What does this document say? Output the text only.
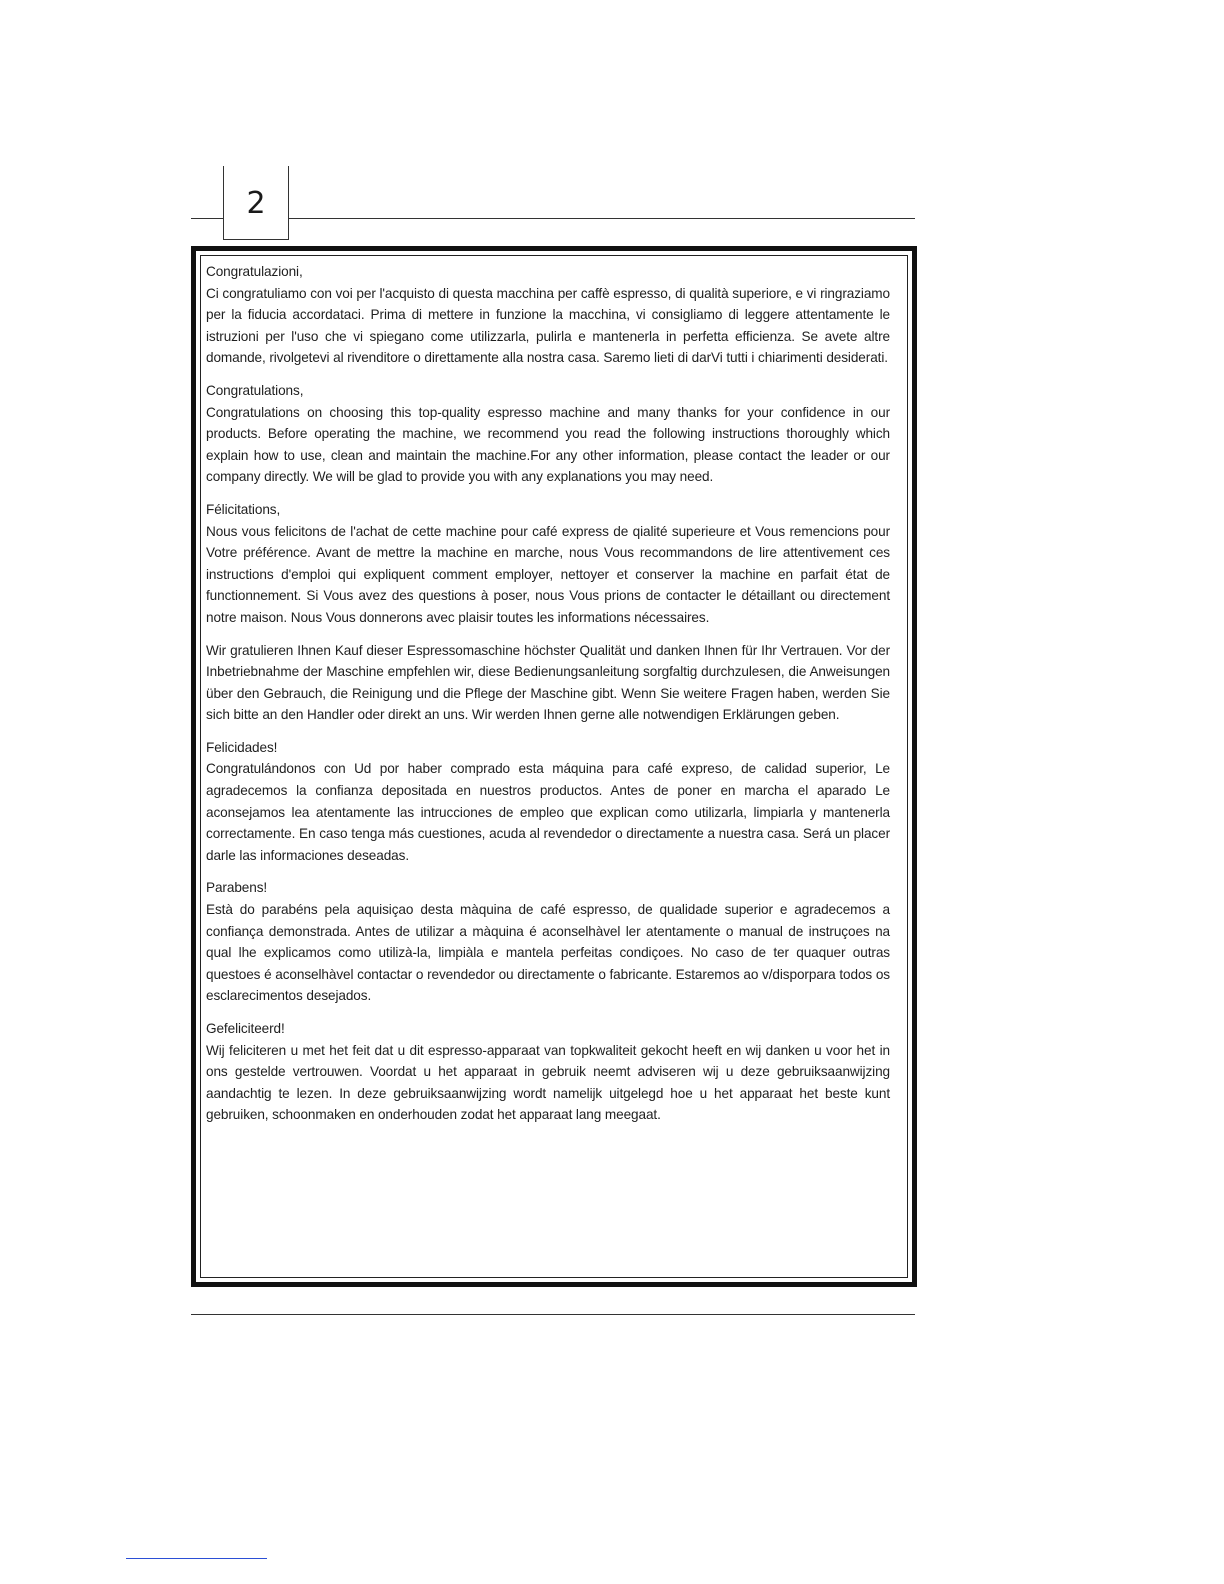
2

Congratulazioni,
Ci congratuliamo con voi per l'acquisto di questa macchina per caffè espresso, di qualità superiore, e vi ringraziamo per la fiducia accordataci. Prima di mettere in funzione la macchina, vi consigliamo di leggere attentamente le istruzioni per l'uso che vi spiegano come utilizzarla, pulirla e mantenerla in perfetta efficienza. Se avete altre domande, rivolgetevi al rivenditore o direttamente alla nostra casa. Saremo lieti di darVi tutti i chiarimenti desiderati.

Congratulations,
Congratulations on choosing this top-quality espresso machine and many thanks for your confidence in our products. Before operating the machine, we recommend you read the following instructions thoroughly which explain how to use, clean and maintain the machine.For any other information, please contact the leader or our company directly. We will be glad to provide you with any explanations you may need.

Félicitations,
Nous vous felicitons de l'achat de cette machine pour café express de qialité superieure et Vous remencions pour Votre préférence. Avant de mettre la machine en marche, nous Vous recommandons de lire attentivement ces instructions d'emploi qui expliquent comment employer, nettoyer et conserver la machine en parfait état de functionnement. Si Vous avez des questions à poser, nous Vous prions de contacter le détaillant ou directement notre maison. Nous Vous donnerons avec plaisir toutes les informations nécessaires.

Wir gratulieren Ihnen Kauf dieser Espressomaschine höchster Qualität und danken Ihnen für Ihr Vertrauen. Vor der Inbetriebnahme der Maschine empfehlen wir, diese Bedienungsanleitung sorgfaltig durchzulesen, die Anweisungen über den Gebrauch, die Reinigung und die Pflege der Maschine gibt. Wenn Sie weitere Fragen haben, werden Sie sich bitte an den Handler oder direkt an uns. Wir werden Ihnen gerne alle notwendigen Erklärungen geben.

Felicidades!
Congratulándonos con Ud por haber comprado esta máquina para café expreso, de calidad superior, Le agradecemos la confianza depositada en nuestros productos. Antes de poner en marcha el aparado Le aconsejamos lea atentamente las intrucciones de empleo que explican como utilizarla, limpiarla y mantenerla correctamente. En caso tenga más cuestiones, acuda al revendedor o directamente a nuestra casa. Será un placer darle las informaciones deseadas.

Parabens!
Està do parabéns pela aquisiçao desta màquina de café espresso, de qualidade superior e agradecemos a confiança demonstrada. Antes de utilizar a màquina é aconselhàvel ler atentamente o manual de instruçoes na qual lhe explicamos como utilizà-la, limpiàla e mantela perfeitas condiçoes. No caso de ter quaquer outras questoes é aconselhàvel contactar o revendedor ou directamente o fabricante. Estaremos ao v/disporpara todos os esclarecimentos desejados.

Gefeliciteerd!
Wij feliciteren u met het feit dat u dit espresso-apparaat van topkwaliteit gekocht heeft en wij danken u voor het in ons gestelde vertrouwen. Voordat u het apparaat in gebruik neemt adviseren wij u deze gebruiksaanwijzing aandachtig te lezen. In deze gebruiksaanwijzing wordt namelijk uitgelegd hoe u het apparaat het beste kunt gebruiken, schoonmaken en onderhouden zodat het apparaat lang meegaat.
